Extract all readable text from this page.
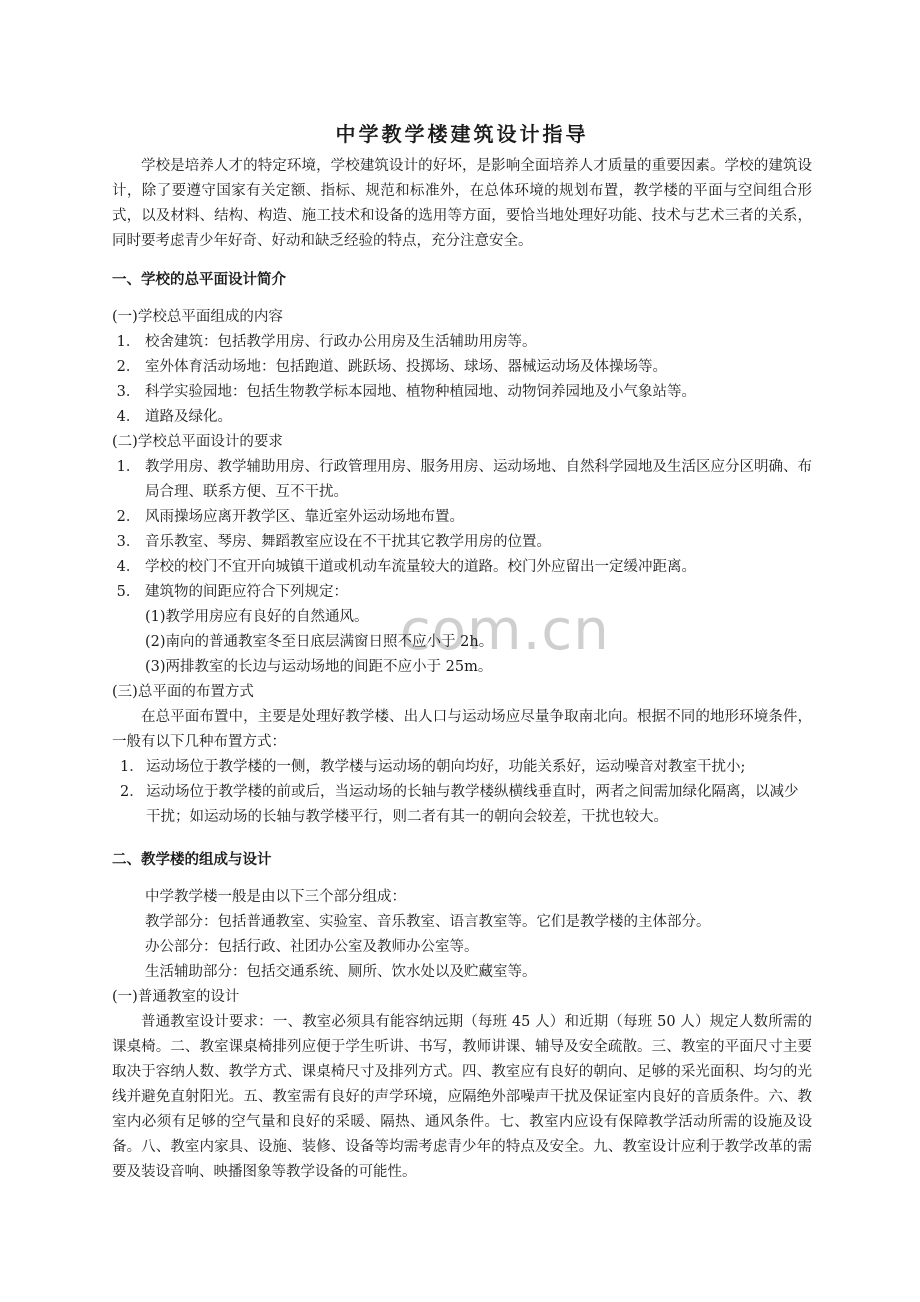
com.cn
中学教学楼建筑设计指导

学校是培养人才的特定环境，学校建筑设计的好坏，是影响全面培养人才质量的重要因素。学校的建筑设计，除了要遵守国家有关定额、指标、规范和标准外，在总体环境的规划布置，教学楼的平面与空间组合形式，以及材料、结构、构造、施工技术和设备的选用等方面，要恰当地处理好功能、技术与艺术三者的关系，同时要考虑青少年好奇、好动和缺乏经验的特点，充分注意安全。

一、学校的总平面设计简介
(一)学校总平面组成的内容
1． 校舍建筑：包括教学用房、行政办公用房及生活辅助用房等。
2． 室外体育活动场地：包括跑道、跳跃场、投掷场、球场、器械运动场及体操场等。
3． 科学实验园地：包括生物教学标本园地、植物种植园地、动物饲养园地及小气象站等。
4． 道路及绿化。
(二)学校总平面设计的要求
1． 教学用房、教学辅助用房、行政管理用房、服务用房、运动场地、自然科学园地及生活区应分区明确、布局合理、联系方便、互不干扰。
2． 风雨操场应离开教学区、靠近室外运动场地布置。
3． 音乐教室、琴房、舞蹈教室应设在不干扰其它教学用房的位置。
4． 学校的校门不宜开向城镇干道或机动车流量较大的道路。校门外应留出一定缓冲距离。
5． 建筑物的间距应符合下列规定：
(1)教学用房应有良好的自然通风。
(2)南向的普通教室冬至日底层满窗日照不应小于 2h。
(3)两排教室的长边与运动场地的间距不应小于 25m。
(三)总平面的布置方式

在总平面布置中，主要是处理好教学楼、出人口与运动场应尽量争取南北向。根据不同的地形环境条件，一般有以下几种布置方式：

1． 运动场位于教学楼的一侧，教学楼与运动场的朝向均好，功能关系好，运动噪音对教室干扰小;
2． 运动场位于教学楼的前或后，当运动场的长轴与教学楼纵横线垂直时，两者之间需加绿化隔离，以减少干扰；如运动场的长轴与教学楼平行，则二者有其一的朝向会较差，干扰也较大。
二、教学楼的组成与设计

中学教学楼一般是由以下三个部分组成：

教学部分：包括普通教室、实验室、音乐教室、语言教室等。它们是教学楼的主体部分。

办公部分：包括行政、社团办公室及教师办公室等。

生活辅助部分：包括交通系统、厕所、饮水处以及贮藏室等。

(一)普通教室的设计

普通教室设计要求：一、教室必须具有能容纳远期（每班 45 人）和近期（每班 50 人）规定人数所需的课桌椅。二、教室课桌椅排列应便于学生听讲、书写，教师讲课、辅导及安全疏散。三、教室的平面尺寸主要取决于容纳人数、教学方式、课桌椅尺寸及排列方式。四、教室应有良好的朝向、足够的采光面积、均匀的光线并避免直射阳光。五、教室需有良好的声学环境，应隔绝外部噪声干扰及保证室内良好的音质条件。六、教室内必须有足够的空气量和良好的采暖、隔热、通风条件。七、教室内应设有保障教学活动所需的设施及设备。八、教室内家具、设施、装修、设备等均需考虑青少年的特点及安全。九、教室设计应利于教学改革的需要及装设音响、映播图象等教学设备的可能性。
